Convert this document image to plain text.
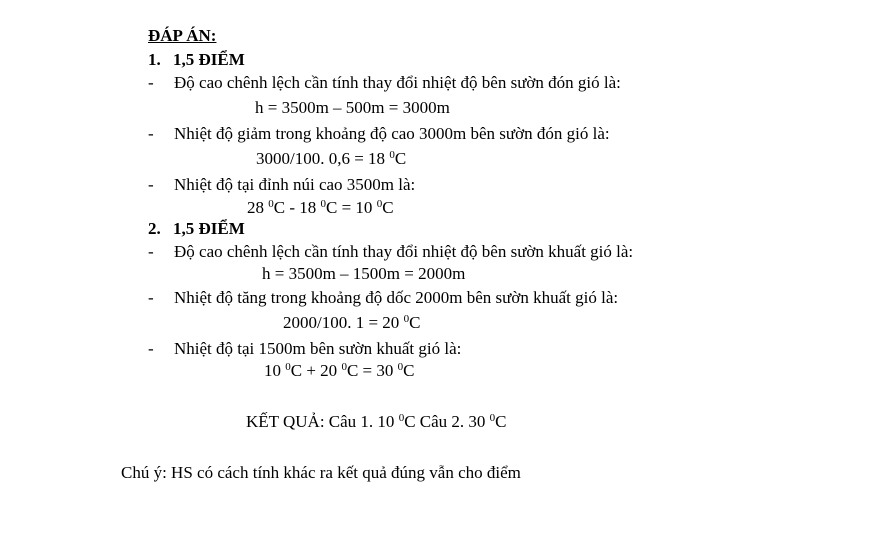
ĐÁP ÁN:
1. 1,5 ĐIỂM
- Độ cao chênh lệch cần tính thay đổi nhiệt độ bên sườn đón gió là:
h = 3500m – 500m = 3000m
- Nhiệt độ giảm trong khoảng độ cao 3000m bên sườn đón gió là:
3000/100. 0,6 = 18 $^0$C
- Nhiệt độ tại đỉnh núi cao 3500m là:
28 $^0$C - 18 $^0$C = 10 $^0$C
2. 1,5 ĐIỂM
- Độ cao chênh lệch cần tính thay đổi nhiệt độ bên sườn khuất gió là:
h = 3500m – 1500m = 2000m
- Nhiệt độ tăng trong khoảng độ dốc 2000m bên sườn khuất gió là:
2000/100. 1 = 20 $^0$C
- Nhiệt độ tại 1500m bên sườn khuất gió là:
10 $^0$C + 20 $^0$C = 30 $^0$C
KẾT QUẢ: Câu 1. 10 $^0$C Câu 2. 30 $^0$C
Chú ý: HS có cách tính khác ra kết quả đúng vẫn cho điểm
